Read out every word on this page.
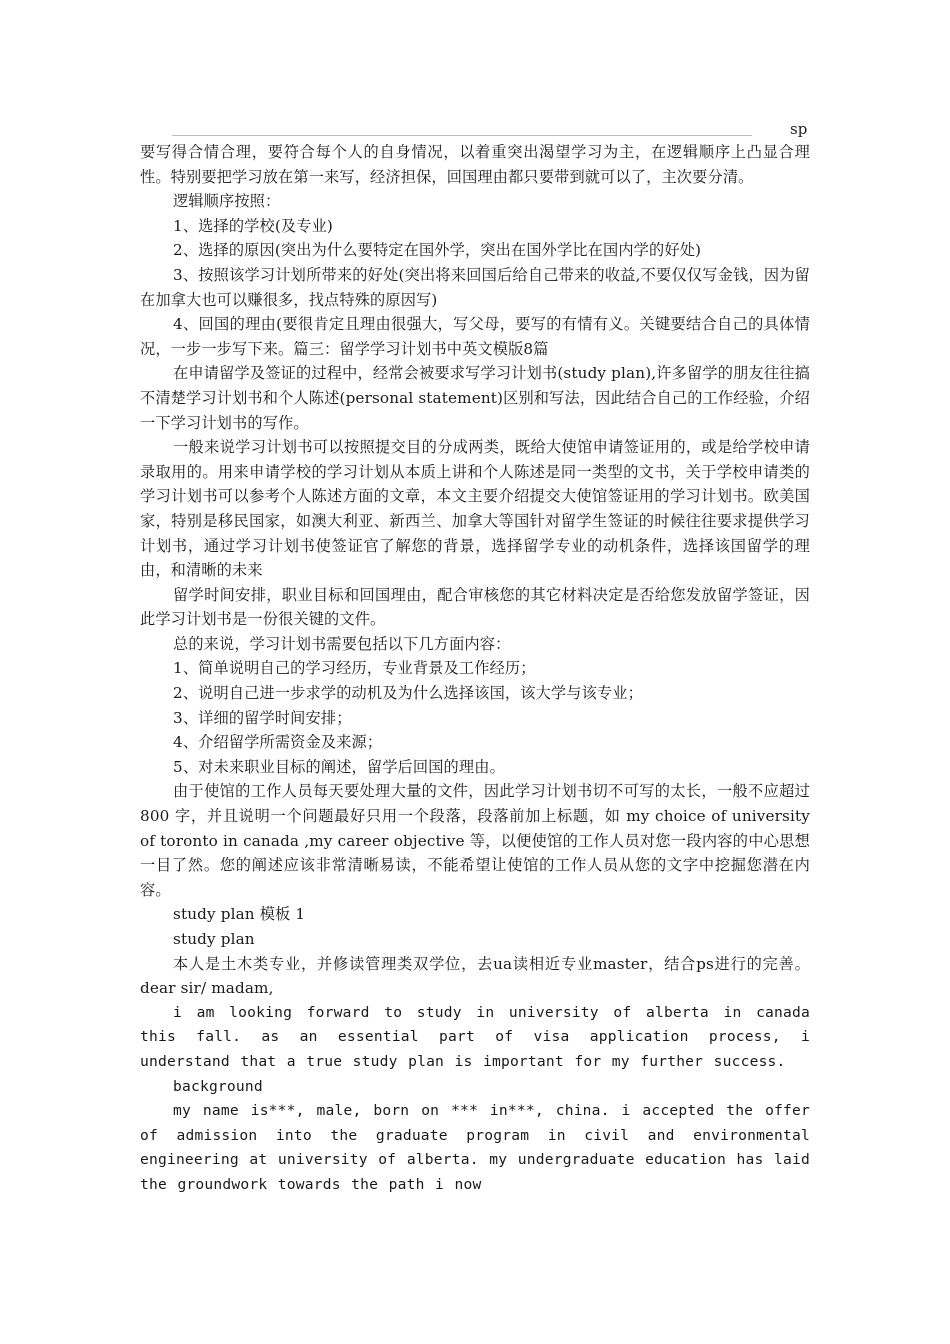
sp

要写得合情合理，要符合每个人的自身情况，以着重突出渴望学习为主，在逻辑顺序上凸显合理性。特别要把学习放在第一来写，经济担保，回国理由都只要带到就可以了，主次要分清。

逻辑顺序按照：

1、选择的学校(及专业)

2、选择的原因(突出为什么要特定在国外学，突出在国外学比在国内学的好处)

3、按照该学习计划所带来的好处(突出将来回国后给自己带来的收益,不要仅仅写金钱，因为留在加拿大也可以赚很多，找点特殊的原因写)

4、回国的理由(要很肯定且理由很强大，写父母，要写的有情有义。关键要结合自己的具体情况，一步一步写下来。篇三：留学学习计划书中英文模版8篇

在申请留学及签证的过程中，经常会被要求写学习计划书(study plan),许多留学的朋友往往搞不清楚学习计划书和个人陈述(personal statement)区别和写法，因此结合自己的工作经验，介绍一下学习计划书的写作。

一般来说学习计划书可以按照提交目的分成两类，既给大使馆申请签证用的，或是给学校申请录取用的。用来申请学校的学习计划从本质上讲和个人陈述是同一类型的文书，关于学校申请类的学习计划书可以参考个人陈述方面的文章，本文主要介绍提交大使馆签证用的学习计划书。欧美国家，特别是移民国家，如澳大利亚、新西兰、加拿大等国针对留学生签证的时候往往要求提供学习计划书，通过学习计划书使签证官了解您的背景，选择留学专业的动机条件，选择该国留学的理由，和清晰的未来

留学时间安排，职业目标和回国理由，配合审核您的其它材料决定是否给您发放留学签证，因此学习计划书是一份很关键的文件。

总的来说，学习计划书需要包括以下几方面内容：

1、简单说明自己的学习经历，专业背景及工作经历；

2、说明自己进一步求学的动机及为什么选择该国，该大学与该专业；

3、详细的留学时间安排；

4、介绍留学所需资金及来源；

5、对未来职业目标的阐述，留学后回国的理由。

由于使馆的工作人员每天要处理大量的文件，因此学习计划书切不可写的太长，一般不应超过 800 字，并且说明一个问题最好只用一个段落，段落前加上标题，如 my choice of university of toronto in canada ,my career objective 等，以便使馆的工作人员对您一段内容的中心思想一目了然。您的阐述应该非常清晰易读，不能希望让使馆的工作人员从您的文字中挖掘您潜在内容。

study plan 模板 1

study plan

本人是土木类专业，并修读管理类双学位，去ua读相近专业master，结合ps进行的完善。 dear sir/ madam,

i am looking forward to study in university of alberta in canada this fall. as an essential part of visa application process, i understand that a true study plan is important for my further success.

background

my name is***, male, born on *** in***, china. i accepted the offer of admission into the graduate program in civil and environmental engineering at university of alberta. my undergraduate education has laid the groundwork towards the path i now
